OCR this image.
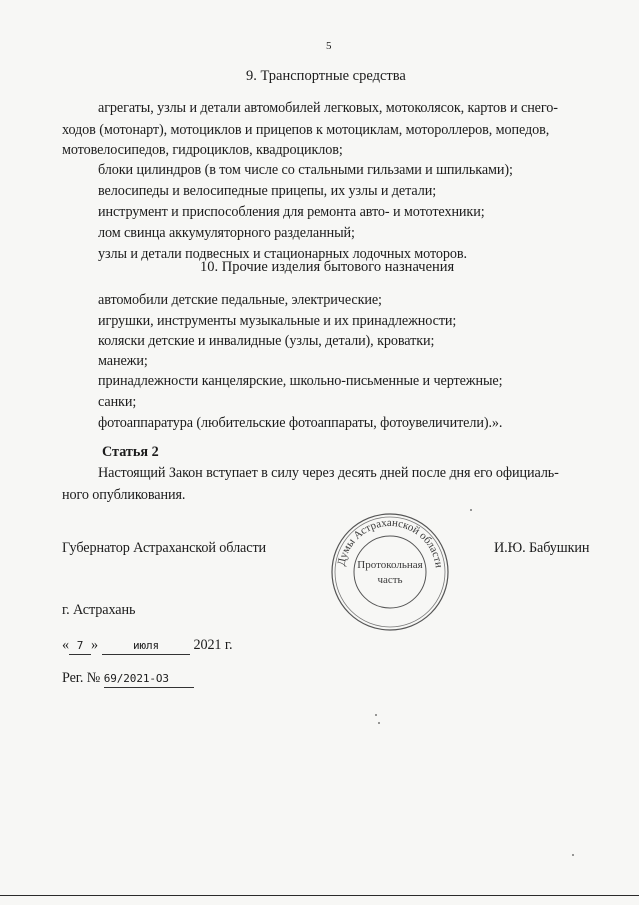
5
9. Транспортные средства
агрегаты, узлы и детали автомобилей легковых, мотоколясок, картов и снего-
ходов (мотонарт), мотоциклов и прицепов к мотоциклам, мотороллеров, мопедов,
мотовелосипедов, гидроциклов, квадроциклов;
блоки цилиндров (в том числе со стальными гильзами и шпильками);
велосипеды и велосипедные прицепы, их узлы и детали;
инструмент и приспособления для ремонта авто- и мототехники;
лом свинца аккумуляторного разделанный;
узлы и детали подвесных и стационарных лодочных моторов.
10. Прочие изделия бытового назначения
автомобили детские педальные, электрические;
игрушки, инструменты музыкальные и их принадлежности;
коляски детские и инвалидные (узлы, детали), кроватки;
манежи;
принадлежности канцелярские, школьно-письменные и чертежные;
санки;
фотоаппаратура (любительские фотоаппараты, фотоувеличители).».
Статья 2
Настоящий Закон вступает в силу через десять дней после дня его официаль-
ного опубликования.
Губернатор Астраханской области	И.Ю. Бабушкин
Думы Астраханской области
Протокольная
часть
г. Астрахань
« 7 »	июля 2021 г.
Рег. № 69/2021-ОЗ
